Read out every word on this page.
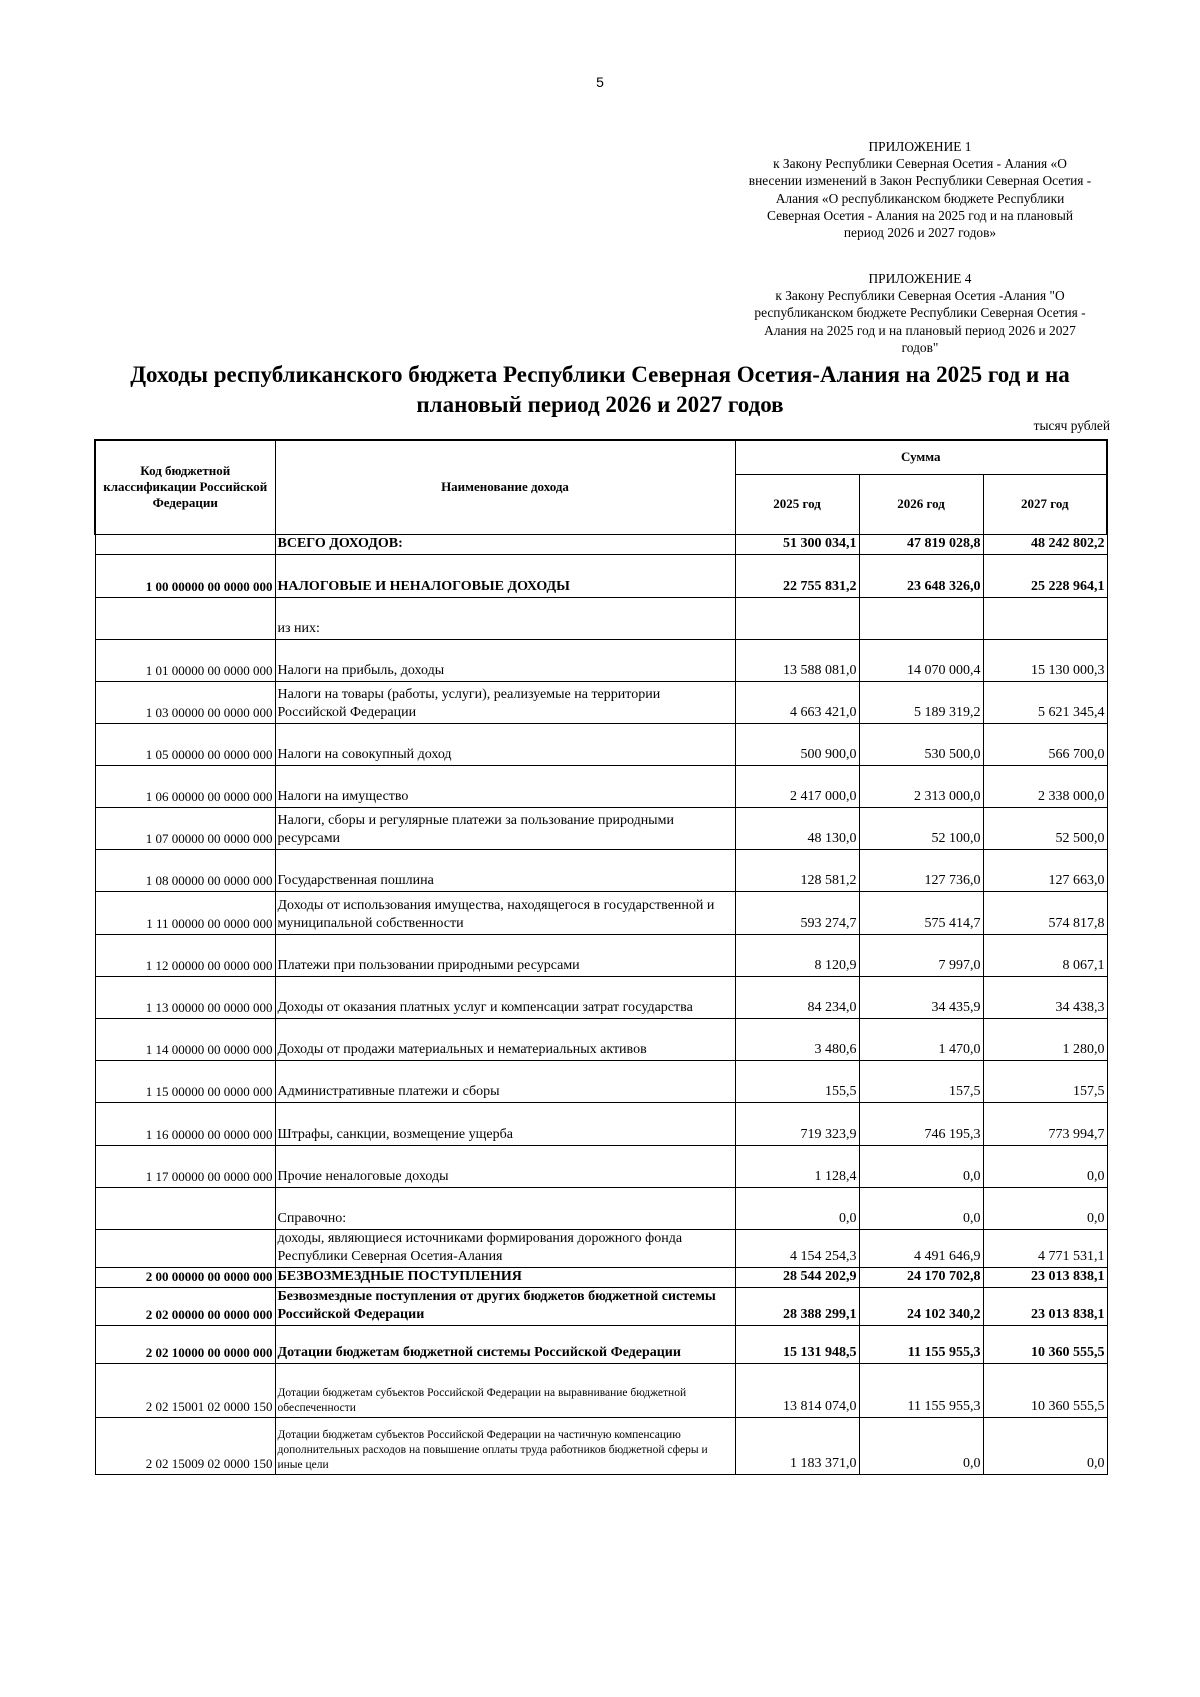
5
ПРИЛОЖЕНИЕ 1
к Закону Республики Северная Осетия - Алания «О
внесении изменений в Закон Республики Северная Осетия -
Алания «О республиканском бюджете Республики
Северная Осетия - Алания на 2025 год и на плановый
период 2026 и 2027 годов»
ПРИЛОЖЕНИЕ 4
к Закону Республики Северная Осетия -Алания "О
республиканском бюджете Республики Северная Осетия -
Алания на 2025 год и на плановый период 2026 и 2027
годов"
Доходы республиканского бюджета Республики Северная Осетия-Алания на 2025 год и на
плановый период 2026 и 2027 годов
тысяч рублей
Код бюджетной классификации Российской Федерации	Наименование дохода	Сумма		
		2025 год	2026 год	2027 год
	ВСЕГО ДОХОДОВ:	51 300 034,1	47 819 028,8	48 242 802,2
1 00 00000 00 0000 000	НАЛОГОВЫЕ И НЕНАЛОГОВЫЕ ДОХОДЫ	22 755 831,2	23 648 326,0	25 228 964,1
	из них:			
1 01 00000 00 0000 000	Налоги на прибыль, доходы	13 588 081,0	14 070 000,4	15 130 000,3
1 03 00000 00 0000 000	Налоги на товары (работы, услуги), реализуемые на территории Российской Федерации	4 663 421,0	5 189 319,2	5 621 345,4
1 05 00000 00 0000 000	Налоги на совокупный доход	500 900,0	530 500,0	566 700,0
1 06 00000 00 0000 000	Налоги на имущество	2 417 000,0	2 313 000,0	2 338 000,0
1 07 00000 00 0000 000	Налоги, сборы и регулярные платежи за пользование природными ресурсами	48 130,0	52 100,0	52 500,0
1 08 00000 00 0000 000	Государственная пошлина	128 581,2	127 736,0	127 663,0
1 11 00000 00 0000 000	Доходы от использования имущества, находящегося в государственной и муниципальной собственности	593 274,7	575 414,7	574 817,8
1 12 00000 00 0000 000	Платежи при пользовании природными ресурсами	8 120,9	7 997,0	8 067,1
1 13 00000 00 0000 000	Доходы от оказания платных услуг и компенсации затрат государства	84 234,0	34 435,9	34 438,3
1 14 00000 00 0000 000	Доходы от продажи материальных и нематериальных активов	3 480,6	1 470,0	1 280,0
1 15 00000 00 0000 000	Административные платежи и сборы	155,5	157,5	157,5
1 16 00000 00 0000 000	Штрафы, санкции, возмещение ущерба	719 323,9	746 195,3	773 994,7
1 17 00000 00 0000 000	Прочие неналоговые доходы	1 128,4	0,0	0,0
	Справочно:	0,0	0,0	0,0
	доходы, являющиеся источниками формирования дорожного фонда Республики Северная Осетия-Алания	4 154 254,3	4 491 646,9	4 771 531,1
2 00 00000 00 0000 000	БЕЗВОЗМЕЗДНЫЕ ПОСТУПЛЕНИЯ	28 544 202,9	24 170 702,8	23 013 838,1
2 02 00000 00 0000 000	Безвозмездные поступления от других бюджетов бюджетной системы Российской Федерации	28 388 299,1	24 102 340,2	23 013 838,1
2 02 10000 00 0000 000	Дотации бюджетам бюджетной системы Российской Федерации	15 131 948,5	11 155 955,3	10 360 555,5
2 02 15001 02 0000 150	Дотации бюджетам субъектов Российской Федерации на выравнивание бюджетной обеспеченности	13 814 074,0	11 155 955,3	10 360 555,5
2 02 15009 02 0000 150	Дотации бюджетам субъектов Российской Федерации на частичную компенсацию дополнительных расходов на повышение оплаты труда работников бюджетной сферы и иные цели	1 183 371,0	0,0	0,0
